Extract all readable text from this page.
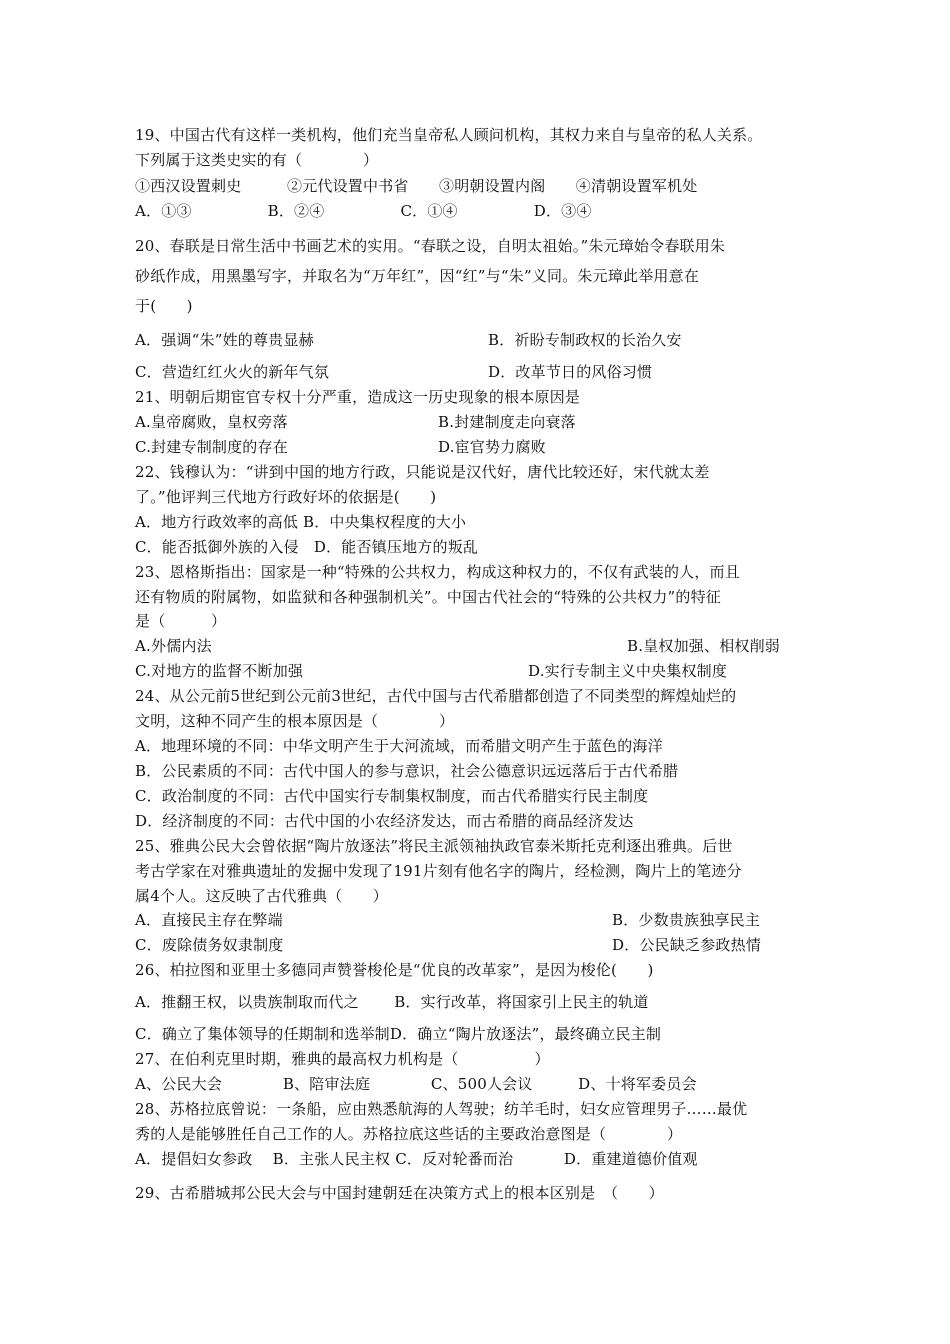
19、中国古代有这样一类机构，他们充当皇帝私人顾问机构，其权力来自与皇帝的私人关系。
下列属于这类史实的有（　　　　）
①西汉设置刺史　　　②元代设置中书省　　③明朝设置内阁　　④清朝设置军机处
A．①③　　　　　B．②④　　　　　C．①④　　　　　D．③④
20、春联是日常生活中书画艺术的实用。“春联之设，自明太祖始。”朱元璋始令春联用朱
砂纸作成，用黑墨写字，并取名为“万年红”，因“红”与“朱”义同。朱元璋此举用意在
于(　　)
A．强调“朱”姓的尊贵显赫	B．祈盼专制政权的长治久安
C．营造红红火火的新年气氛	D．改革节日的风俗习惯
21、明朝后期宦官专权十分严重，造成这一历史现象的根本原因是
A.皇帝腐败，皇权旁落	B.封建制度走向衰落
C.封建专制制度的存在	D.宦官势力腐败
22、钱穆认为：“讲到中国的地方行政，只能说是汉代好，唐代比较还好，宋代就太差
了。”他评判三代地方行政好坏的依据是(　　)
A．地方行政效率的高低 B．中央集权程度的大小
C．能否抵御外族的入侵　D．能否镇压地方的叛乱
23、恩格斯指出：国家是一种“特殊的公共权力，构成这种权力的，不仅有武装的人，而且
还有物质的附属物，如监狱和各种强制机关”。中国古代社会的“特殊的公共权力”的特征
是（　　　）
A.外儒内法	B.皇权加强、相权削弱
C.对地方的监督不断加强	D.实行专制主义中央集权制度
24、从公元前5世纪到公元前3世纪，古代中国与古代希腊都创造了不同类型的辉煌灿烂的
文明，这种不同产生的根本原因是（　　　　）
A．地理环境的不同：中华文明产生于大河流域，而希腊文明产生于蓝色的海洋
B．公民素质的不同：古代中国人的参与意识，社会公德意识远远落后于古代希腊
C．政治制度的不同：古代中国实行专制集权制度，而古代希腊实行民主制度
D．经济制度的不同：古代中国的小农经济发达，而古希腊的商品经济发达
25、雅典公民大会曾依据“陶片放逐法”将民主派领袖执政官泰米斯托克利逐出雅典。后世
考古学家在对雅典遗址的发掘中发现了191片刻有他名字的陶片，经检测，陶片上的笔迹分
属4个人。这反映了古代雅典（　　）
A．直接民主存在弊端	B．少数贵族独享民主
C．废除债务奴隶制度	D．公民缺乏参政热情
26、柏拉图和亚里士多德同声赞誉梭伦是“优良的改革家”，是因为梭伦(　　)
A．推翻王权，以贵族制取而代之　　 B．实行改革，将国家引上民主的轨道
C．确立了集体领导的任期制和选举制D．确立“陶片放逐法”，最终确立民主制
27、在伯利克里时期，雅典的最高权力机构是（　　　　　）
A、公民大会　　　　B、陪审法庭　　　　C、500人会议　　　D、十将军委员会
28、苏格拉底曾说：一条船，应由熟悉航海的人驾驶；纺羊毛时，妇女应管理男子……最优
秀的人是能够胜任自己工作的人。苏格拉底这些话的主要政治意图是（　　　　）
A．提倡妇女参政　 B．主张人民主权 C．反对轮番而治　　　 D．重建道德价值观
29、古希腊城邦公民大会与中国封建朝廷在决策方式上的根本区别是　（　　）
